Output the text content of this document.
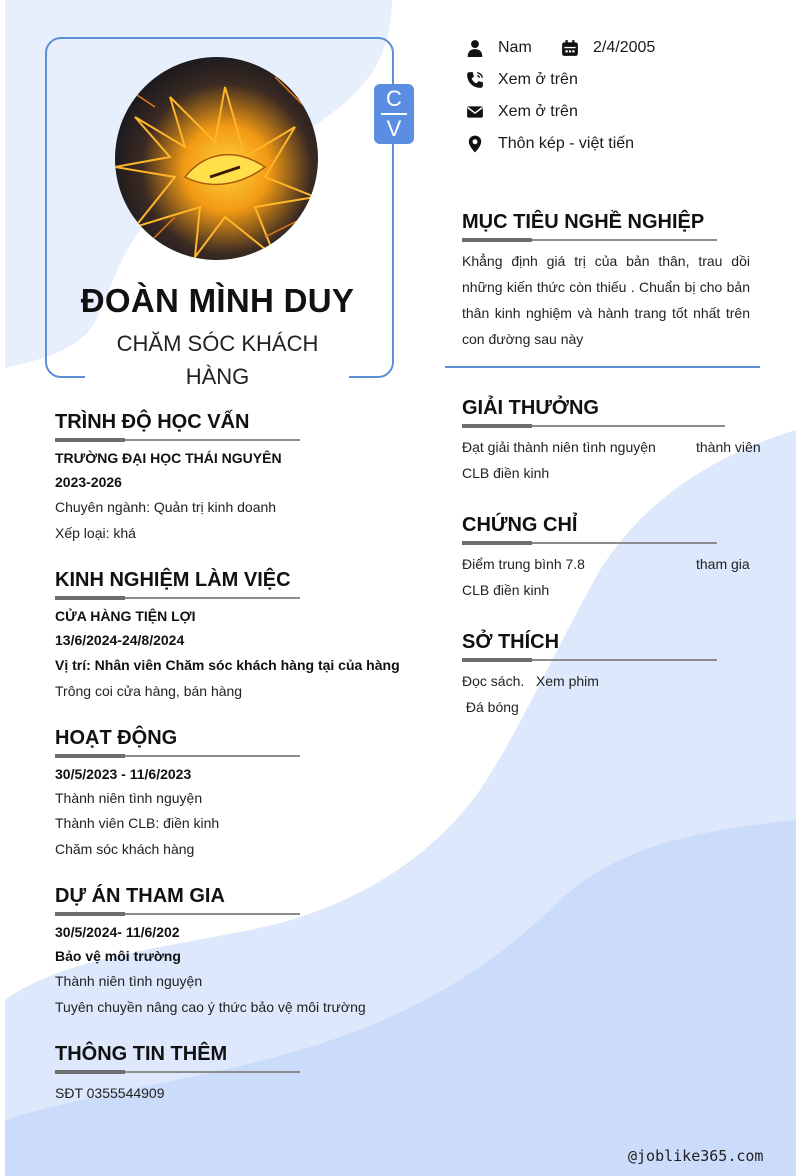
C
V
ĐOÀN MÌNH DUY
CHĂM SÓC KHÁCH HÀNG
Nam	2/4/2005
Xem ở trên
Xem ở trên
Thôn kép - việt tiến
TRÌNH ĐỘ HỌC VẤN
TRƯỜNG ĐẠI HỌC THÁI NGUYÊN
2023-2026
Chuyên ngành: Quản trị kinh doanh
Xếp loại: khá
KINH NGHIỆM LÀM VIỆC
CỬA HÀNG TIỆN LỢI
13/6/2024-24/8/2024
Vị trí: Nhân viên Chăm sóc khách hàng tại của hàng
Trông coi cửa hàng, bán hàng
HOẠT ĐỘNG
30/5/2023 - 11/6/2023
Thành niên tình nguyện
Thành viên CLB: điền kinh
Chăm sóc khách hàng
DỰ ÁN THAM GIA
30/5/2024- 11/6/202
Bảo vệ môi trường
Thành niên tình nguyện
Tuyên chuyền nâng cao ý thức bảo vệ môi trường
THÔNG TIN THÊM
SĐT 0355544909
MỤC TIÊU NGHỀ NGHIỆP
Khẳng định giá trị của bản thân, trau dồi
những kiến thức còn thiếu . Chuẩn bị cho bản
thân kinh nghiệm và hành trang tốt nhất trên
con đường sau này
GIẢI THƯỞNG
Đạt giải thành niên tình nguyện	thành viên
CLB điền kinh
CHỨNG CHỈ
Điểm trung bình 7.8	tham gia
CLB điền kinh
SỞ THÍCH
Đọc sách.   Xem phim
Đá bóng
@joblike365.com
